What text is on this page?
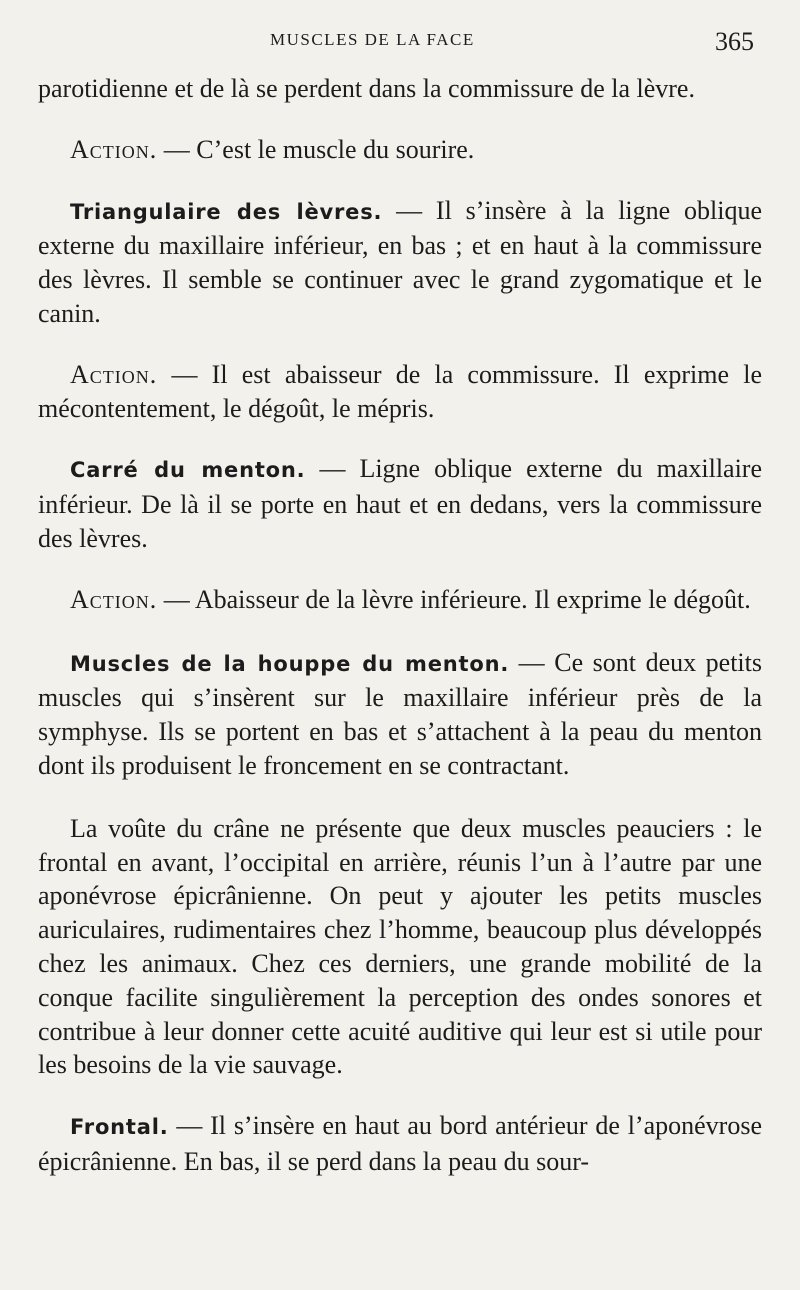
MUSCLES DE LA FACE	365

parotidienne et de là se perdent dans la commissure de la lèvre.

Action. — C’est le muscle du sourire.

Triangulaire des lèvres. — Il s’insère à la ligne oblique externe du maxillaire inférieur, en bas ; et en haut à la commissure des lèvres. Il semble se continuer avec le grand zygomatique et le canin.

Action. — Il est abaisseur de la commissure. Il exprime le mécontentement, le dégoût, le mépris.

Carré du menton. — Ligne oblique externe du maxillaire inférieur. De là il se porte en haut et en dedans, vers la commissure des lèvres.

Action. — Abaisseur de la lèvre inférieure. Il exprime le dégoût.

Muscles de la houppe du menton. — Ce sont deux petits muscles qui s’insèrent sur le maxillaire inférieur près de la symphyse. Ils se portent en bas et s’attachent à la peau du menton dont ils produisent le froncement en se contractant.

La voûte du crâne ne présente que deux muscles peauciers : le frontal en avant, l’occipital en arrière, réunis l’un à l’autre par une aponévrose épicrânienne. On peut y ajouter les petits muscles auriculaires, rudimentaires chez l’homme, beaucoup plus développés chez les animaux. Chez ces derniers, une grande mobilité de la conque facilite singulièrement la perception des ondes sonores et contribue à leur donner cette acuité auditive qui leur est si utile pour les besoins de la vie sauvage.

Frontal. — Il s’insère en haut au bord antérieur de l’aponévrose épicrânienne. En bas, il se perd dans la peau du sour-
